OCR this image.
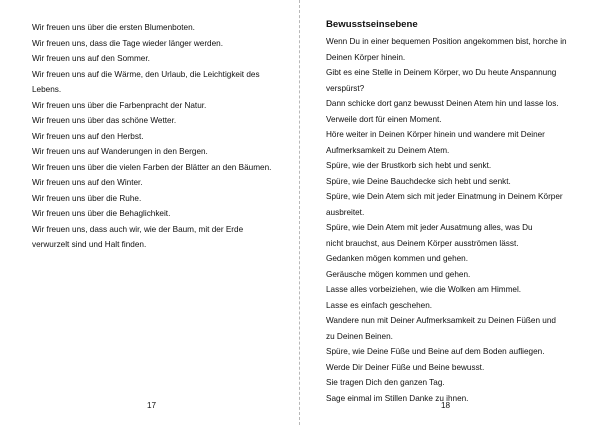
Wir freuen uns über die ersten Blumenboten.
Wir freuen uns, dass die Tage wieder länger werden.
Wir freuen uns auf den Sommer.
Wir freuen uns auf die Wärme, den Urlaub, die Leichtigkeit des
Lebens.
Wir freuen uns über die Farbenpracht der Natur.
Wir freuen uns über das schöne Wetter.
Wir freuen uns auf den Herbst.
Wir freuen uns auf Wanderungen in den Bergen.
Wir freuen uns über die vielen Farben der Blätter an den Bäumen.
Wir freuen uns auf den Winter.
Wir freuen uns über die Ruhe.
Wir freuen uns über die Behaglichkeit.
Wir freuen uns, dass auch wir, wie der Baum, mit der Erde
verwurzelt sind und Halt finden.
17
Bewusstseinsebene
Wenn Du in einer bequemen Position angekommen bist, horche in
Deinen Körper hinein.
Gibt es eine Stelle in Deinem Körper, wo Du heute Anspannung
verspürst?
Dann schicke dort ganz bewusst Deinen Atem hin und lasse los.
Verweile dort für einen Moment.
Höre weiter in Deinen Körper hinein und wandere mit Deiner
Aufmerksamkeit zu Deinem Atem.
Spüre, wie der Brustkorb sich hebt und senkt.
Spüre, wie Deine Bauchdecke sich hebt und senkt.
Spüre, wie Dein Atem sich mit jeder Einatmung in Deinem Körper
ausbreitet.
Spüre, wie Dein Atem mit jeder Ausatmung alles, was Du
nicht brauchst, aus Deinem Körper ausströmen lässt.
Gedanken mögen kommen und gehen.
Geräusche mögen kommen und gehen.
Lasse alles vorbeiziehen, wie die Wolken am Himmel.
Lasse es einfach geschehen.
Wandere nun mit Deiner Aufmerksamkeit zu Deinen Füßen und
zu Deinen Beinen.
Spüre, wie Deine Füße und Beine auf dem Boden aufliegen.
Werde Dir Deiner Füße und Beine bewusst.
Sie tragen Dich den ganzen Tag.
Sage einmal im Stillen Danke zu ihnen.
18
